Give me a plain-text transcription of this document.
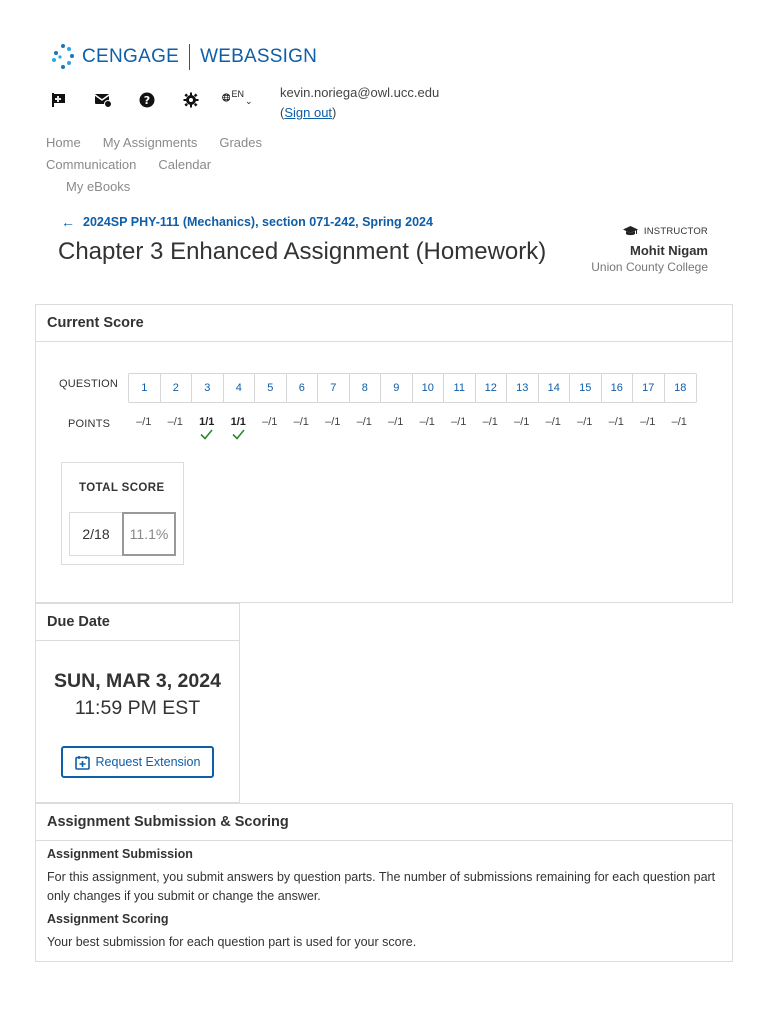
CENGAGE WEBASSIGN
?	EN
⌄
kevin.noriega@owl.ucc.edu
(Sign out)
Home My Assignments Grades
Communication Calendar
My eBooks
← 2024SP PHY-111 (Mechanics), section 071-242, Spring 2024
Chapter 3 Enhanced Assignment (Homework)
INSTRUCTOR
Mohit Nigam
Union County College
Current Score
QUESTION
POINTS
1	2	3	4	5	6	7	8	9	10	11	12	13	14	15	16	17	18
–/1	–/1	1/1	1/1	–/1	–/1	–/1	–/1	–/1	–/1	–/1	–/1	–/1	–/1	–/1	–/1	–/1	–/1
TOTAL SCORE
2/18	11.1%
Due Date
SUN, MAR 3, 2024
11:59 PM EST
Request Extension
Assignment Submission & Scoring
Assignment Submission
For this assignment, you submit answers by question parts. The number of submissions remaining for each question part only changes if you submit or change the answer.
Assignment Scoring
Your best submission for each question part is used for your score.
